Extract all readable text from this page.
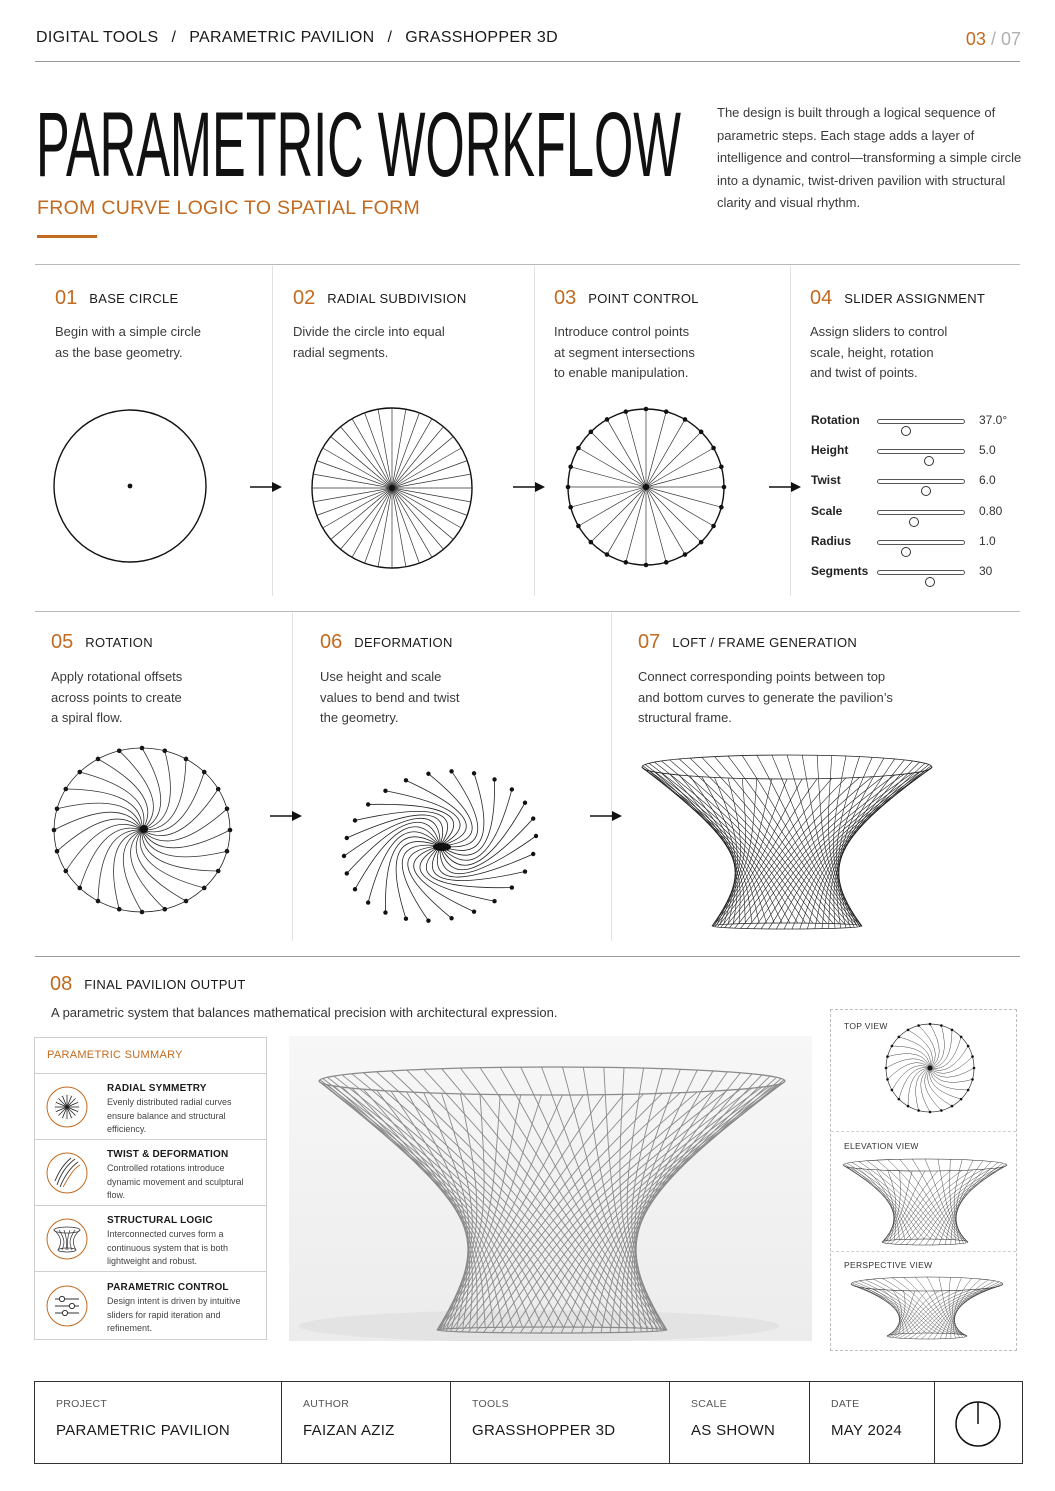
DIGITAL TOOLS / PARAMETRIC PAVILION / GRASSHOPPER 3D	03 / 07
PARAMETRIC WORKFLOW
FROM CURVE LOGIC TO SPATIAL FORM
The design is built through a logical sequence of parametric steps. Each stage adds a layer of intelligence and control—transforming a simple circle into a dynamic, twist-driven pavilion with structural clarity and visual rhythm.
01 BASE CIRCLE
Begin with a simple circle
as the base geometry.
02 RADIAL SUBDIVISION
Divide the circle into equal
radial segments.
03 POINT CONTROL
Introduce control points
at segment intersections
to enable manipulation.
04 SLIDER ASSIGNMENT
Assign sliders to control
scale, height, rotation
and twist of points.
Rotation	37.0°
Height	5.0
Twist	6.0
Scale	0.80
Radius	1.0
Segments	30
05 ROTATION
Apply rotational offsets
across points to create
a spiral flow.
06 DEFORMATION
Use height and scale
values to bend and twist
the geometry.
07 LOFT / FRAME GENERATION
Connect corresponding points between top
and bottom curves to generate the pavilion’s
structural frame.
08 FINAL PAVILION OUTPUT
A parametric system that balances mathematical precision with architectural expression.
PARAMETRIC SUMMARY
RADIAL SYMMETRY
Evenly distributed radial curves ensure balance and structural efficiency.
TWIST & DEFORMATION
Controlled rotations introduce dynamic movement and sculptural flow.
STRUCTURAL LOGIC
Interconnected curves form a continuous system that is both lightweight and robust.
PARAMETRIC CONTROL
Design intent is driven by intuitive sliders for rapid iteration and refinement.
TOP VIEW
ELEVATION VIEW
PERSPECTIVE VIEW
PROJECT
PARAMETRIC PAVILION
AUTHOR
FAIZAN AZIZ
TOOLS
GRASSHOPPER 3D
SCALE
AS SHOWN
DATE
MAY 2024
